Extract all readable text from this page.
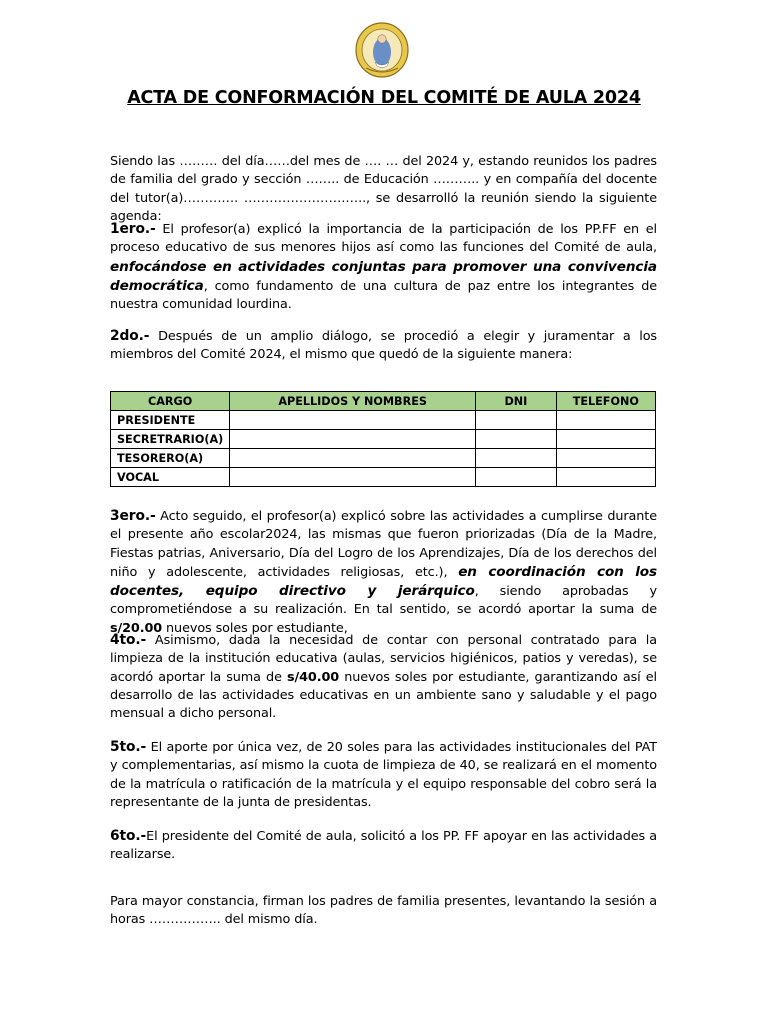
ACTA DE CONFORMACIÓN DEL COMITÉ DE AULA 2024
Siendo las ……… del día……del mes de …. … del 2024 y, estando reunidos los padres de familia del grado y sección …….. de Educación ……….. y en compañía del docente del tutor(a)…………. ……………………….., se desarrolló la reunión siendo la siguiente agenda:
1ero.- El profesor(a) explicó la importancia de la participación de los PP.FF en el proceso educativo de sus menores hijos así como las funciones del Comité de aula, enfocándose en actividades conjuntas para promover una convivencia democrática, como fundamento de una cultura de paz entre los integrantes de nuestra comunidad lourdina.
2do.- Después de un amplio diálogo, se procedió a elegir y juramentar a los miembros del Comité 2024, el mismo que quedó de la siguiente manera:
CARGO	APELLIDOS Y NOMBRES	DNI	TELEFONO
PRESIDENTE			
SECRETRARIO(A)			
TESORERO(A)			
VOCAL			
3ero.- Acto seguido, el profesor(a) explicó sobre las actividades a cumplirse durante el presente año escolar2024, las mismas que fueron priorizadas (Día de la Madre, Fiestas patrias, Aniversario, Día del Logro de los Aprendizajes, Día de los derechos del niño y adolescente, actividades religiosas, etc.), en coordinación con los docentes, equipo directivo y jerárquico, siendo aprobadas y comprometiéndose a su realización. En tal sentido, se acordó aportar la suma de s/20.00 nuevos soles por estudiante,
4to.- Asimismo, dada la necesidad de contar con personal contratado para la limpieza de la institución educativa (aulas, servicios higiénicos, patios y veredas), se acordó aportar la suma de s/40.00 nuevos soles por estudiante, garantizando así el desarrollo de las actividades educativas en un ambiente sano y saludable y el pago mensual a dicho personal.
5to.- El aporte por única vez, de 20 soles para las actividades institucionales del PAT y complementarias, así mismo la cuota de limpieza de 40, se realizará en el momento de la matrícula o ratificación de la matrícula y el equipo responsable del cobro será la representante de la junta de presidentas.
6to.-El presidente del Comité de aula, solicitó a los PP. FF apoyar en las actividades a realizarse.
Para mayor constancia, firman los padres de familia presentes, levantando la sesión a horas …………….. del mismo día.
